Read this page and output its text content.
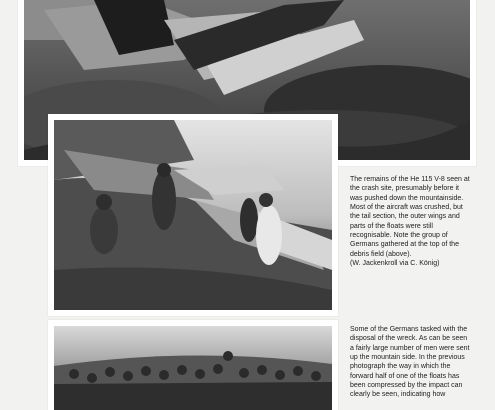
The remains of the He 115 V-8 seen at
the crash site, presumably before it
was pushed down the mountainside.
Most of the aircraft was crushed, but
the tail section, the outer wings and
parts of the floats were still
recognisable. Note the group of
Germans gathered at the top of the
debris field (above).
(W. Jackenkroll via C. König)

Some of the Germans tasked with the
disposal of the wreck. As can be seen
a fairly large number of men were sent
up the mountain side. In the previous
photograph the way in which the
forward half of one of the floats has
been compressed by the impact can
clearly be seen, indicating how
